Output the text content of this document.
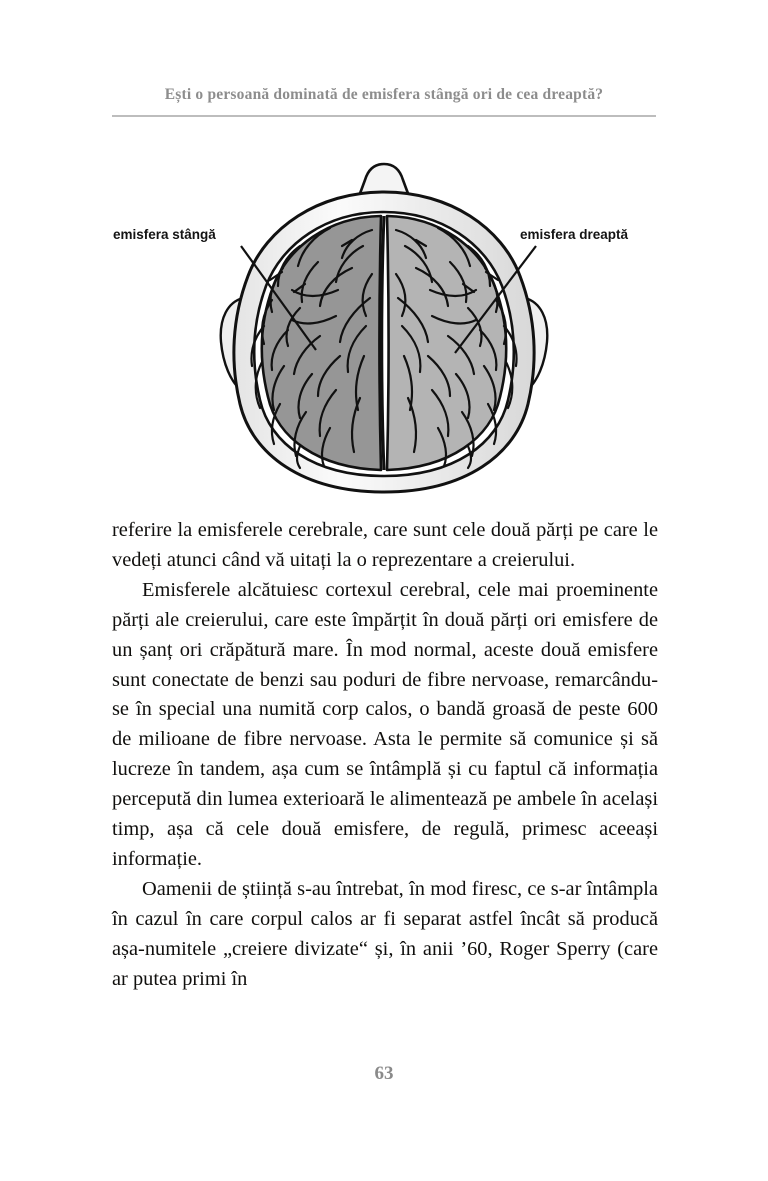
Ești o persoană dominată de emisfera stângă ori de cea dreaptă?
emisfera stângă	emisfera dreaptă

referire la emisferele cerebrale, care sunt cele două părți pe care le vedeți atunci când vă uitați la o reprezentare a creierului.

Emisferele alcătuiesc cortexul cerebral, cele mai proeminente părți ale creierului, care este împărțit în două părți ori emisfere de un șanț ori crăpătură mare. În mod normal, aceste două emisfere sunt conectate de benzi sau poduri de fibre nervoase, remarcându-se în special una numită corp calos, o bandă groasă de peste 600 de milioane de fibre nervoase. Asta le permite să comunice și să lucreze în tandem, așa cum se întâmplă și cu faptul că informația percepută din lumea exterioară le alimentează pe ambele în același timp, așa că cele două emisfere, de regulă, primesc aceeași informație.

Oamenii de știință s-au întrebat, în mod firesc, ce s-ar întâmpla în cazul în care corpul calos ar fi separat astfel încât să producă așa-numitele „creiere divizate“ și, în anii ’60, Roger Sperry (care ar putea primi în

63
